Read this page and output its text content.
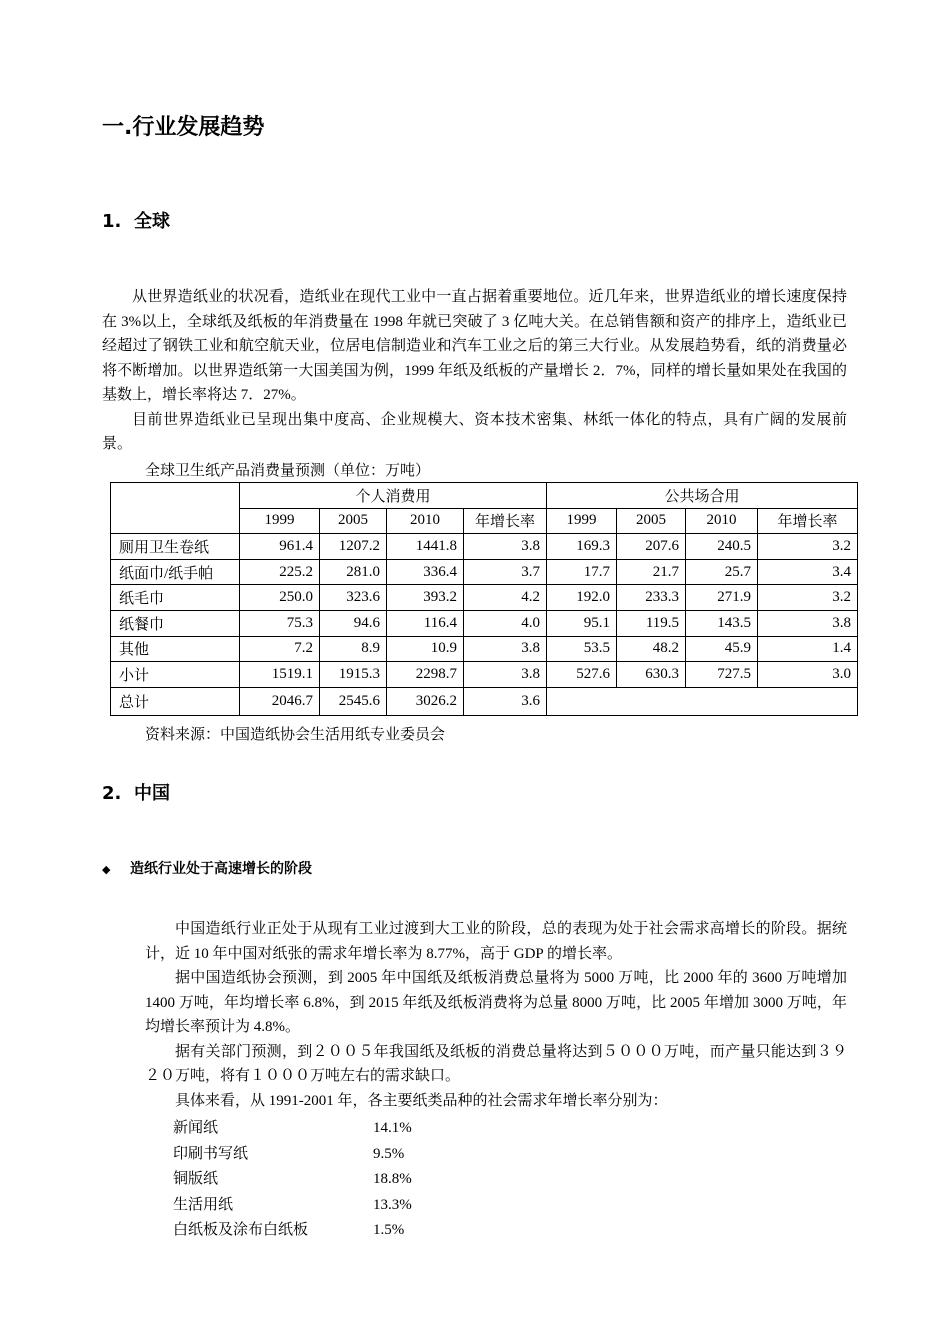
一.行业发展趋势
1. 全球

从世界造纸业的状况看，造纸业在现代工业中一直占据着重要地位。近几年来，世界造纸业的增长速度保持在 3%以上，全球纸及纸板的年消费量在 1998 年就已突破了 3 亿吨大关。在总销售额和资产的排序上，造纸业已经超过了钢铁工业和航空航天业，位居电信制造业和汽车工业之后的第三大行业。从发展趋势看，纸的消费量必将不断增加。以世界造纸第一大国美国为例，1999 年纸及纸板的产量增长 2．7%，同样的增长量如果处在我国的基数上，增长率将达 7．27%。

目前世界造纸业已呈现出集中度高、企业规模大、资本技术密集、林纸一体化的特点，具有广阔的发展前景。

全球卫生纸产品消费量预测（单位：万吨）
	个人消费用				公共场合用			
	1999	2005	2010	年增长率	1999	2005	2010	年增长率
厕用卫生卷纸	961.4	1207.2	1441.8	3.8	169.3	207.6	240.5	3.2
纸面巾/纸手帕	225.2	281.0	336.4	3.7	17.7	21.7	25.7	3.4
纸毛巾	250.0	323.6	393.2	4.2	192.0	233.3	271.9	3.2
纸餐巾	75.3	94.6	116.4	4.0	95.1	119.5	143.5	3.8
其他	7.2	8.9	10.9	3.8	53.5	48.2	45.9	1.4
小计	1519.1	1915.3	2298.7	3.8	527.6	630.3	727.5	3.0
总计	2046.7	2545.6	3026.2	3.6				
资料来源：中国造纸协会生活用纸专业委员会
2. 中国
◆ 造纸行业处于高速增长的阶段

中国造纸行业正处于从现有工业过渡到大工业的阶段，总的表现为处于社会需求高增长的阶段。据统计，近 10 年中国对纸张的需求年增长率为 8.77%，高于 GDP 的增长率。

据中国造纸协会预测，到 2005 年中国纸及纸板消费总量将为 5000 万吨，比 2000 年的 3600 万吨增加 1400 万吨，年均增长率 6.8%，到 2015 年纸及纸板消费将为总量 8000 万吨，比 2005 年增加 3000 万吨，年均增长率预计为 4.8%。

据有关部门预测，到２００５年我国纸及纸板的消费总量将达到５０００万吨，而产量只能达到３９２０万吨，将有１０００万吨左右的需求缺口。

具体来看，从 1991-2001 年，各主要纸类品种的社会需求年增长率分别为：

新闻纸	14.1%
印刷书写纸	9.5%
铜版纸	18.8%
生活用纸	13.3%
白纸板及涂布白纸板	1.5%
